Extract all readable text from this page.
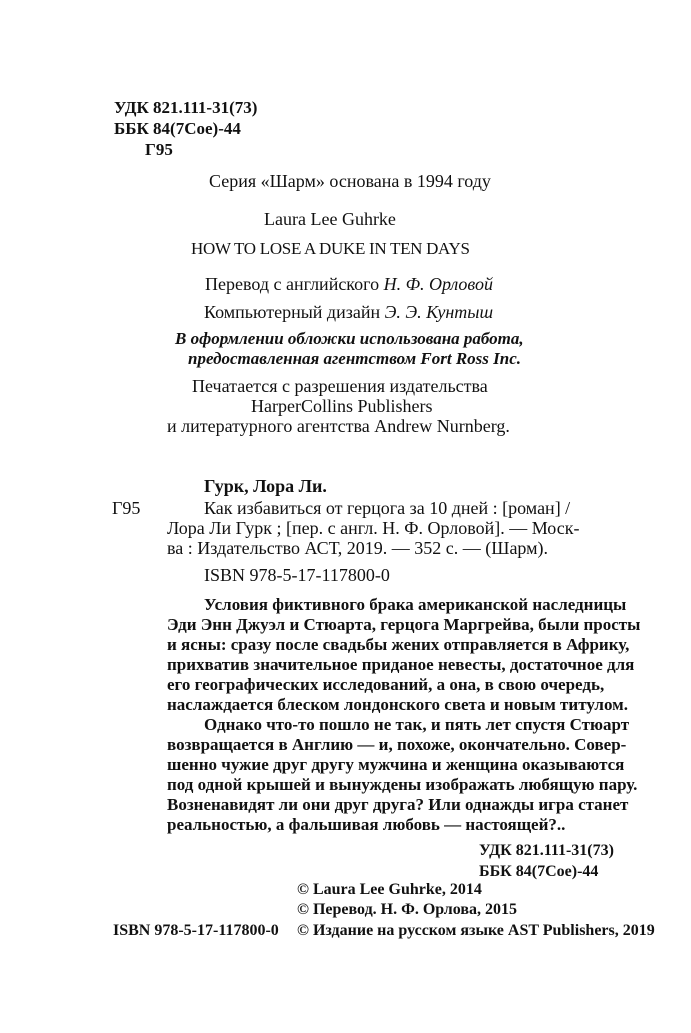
УДК 821.111-31(73)
ББК 84(7Сое)-44
Г95
Серия «Шарм» основана в 1994 году
Laura Lee Guhrke
HOW TO LOSE A DUKE IN TEN DAYS
Перевод с английского Н. Ф. Орловой
Компьютерный дизайн Э. Э. Кунтыш
В оформлении обложки использована работа,
предоставленная агентством Fort Ross Inc.
Печатается с разрешения издательства
HarperCollins Publishers
и литературного агентства Andrew Nurnberg.
Гурк, Лора Ли.
Г95	Как избавиться от герцога за 10 дней : [роман] /
Лора Ли Гурк ; [пер. с англ. Н. Ф. Орловой]. — Моск-
ва : Издательство АСТ, 2019. — 352 с. — (Шарм).
ISBN 978-5-17-117800-0
Условия фиктивного брака американской наследницы
Эди Энн Джуэл и Стюарта, герцога Маргрейва, были просты
и ясны: сразу после свадьбы жених отправляется в Африку,
прихватив значительное приданое невесты, достаточное для
его географических исследований, а она, в свою очередь,
наслаждается блеском лондонского света и новым титулом.
Однако что-то пошло не так, и пять лет спустя Стюарт
возвращается в Англию — и, похоже, окончательно. Совер-
шенно чужие друг другу мужчина и женщина оказываются
под одной крышей и вынуждены изображать любящую пару.
Возненавидят ли они друг друга? Или однажды игра станет
реальностью, а фальшивая любовь — настоящей?..
УДК 821.111-31(73)
ББК 84(7Сое)-44
© Laura Lee Guhrke, 2014
© Перевод. Н. Ф. Орлова, 2015
ISBN 978-5-17-117800-0 © Издание на русском языке AST Publishers, 2019
